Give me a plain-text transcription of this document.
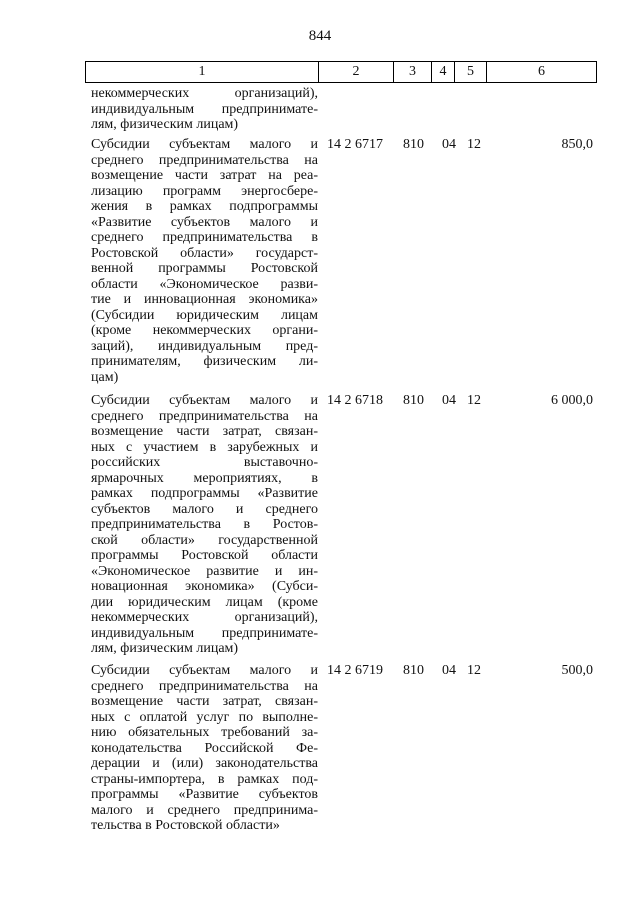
844
1	2	3	4	5	6
некоммерческих организаций),
индивидуальным предпринимате-
лям, физическим лицам)
Субсидии субъектам малого и
среднего предпринимательства на
возмещение части затрат на реа-
лизацию программ энергосбере-
жения в рамках подпрограммы
«Развитие субъектов малого и
среднего предпринимательства в
Ростовской области» государст-
венной программы Ростовской
области «Экономическое разви-
тие и инновационная экономика»
(Субсидии юридическим лицам
(кроме некоммерческих органи-
заций), индивидуальным пред-
принимателям, физическим ли-
цам)
14 2 6717 810 04 12	850,0
Субсидии субъектам малого и
среднего предпринимательства на
возмещение части затрат, связан-
ных с участием в зарубежных и
российских выставочно-
ярмарочных мероприятиях, в
рамках подпрограммы «Развитие
субъектов малого и среднего
предпринимательства в Ростов-
ской области» государственной
программы Ростовской области
«Экономическое развитие и ин-
новационная экономика» (Субси-
дии юридическим лицам (кроме
некоммерческих организаций),
индивидуальным предпринимате-
лям, физическим лицам)
14 2 6718 810 04 12	6 000,0
Субсидии субъектам малого и
среднего предпринимательства на
возмещение части затрат, связан-
ных с оплатой услуг по выполне-
нию обязательных требований за-
конодательства Российской Фе-
дерации и (или) законодательства
страны-импортера, в рамках под-
программы «Развитие субъектов
малого и среднего предпринима-
тельства в Ростовской области»
14 2 6719 810 04 12	500,0
